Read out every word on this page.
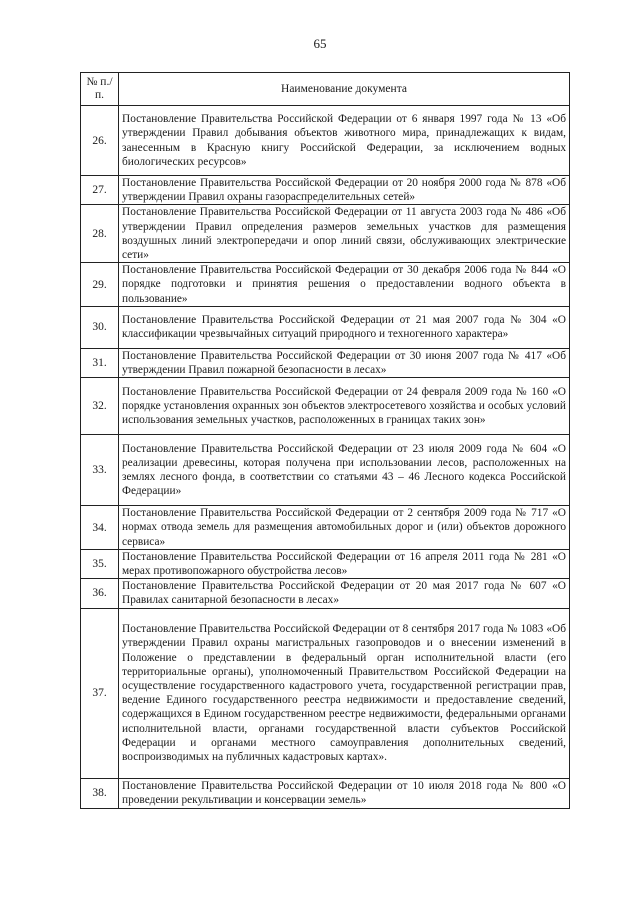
65
№ п./п.	Наименование документа
26.	Постановление Правительства Российской Федерации от 6 января 1997 года № 13 «Об утверждении Правил добывания объектов животного мира, принадлежащих к видам, занесенным в Красную книгу Российской Федерации, за исключением водных биологических ресурсов»
27.	Постановление Правительства Российской Федерации от 20 ноября 2000 года № 878 «Об утверждении Правил охраны газораспределительных сетей»
28.	Постановление Правительства Российской Федерации от 11 августа 2003 года № 486 «Об утверждении Правил определения размеров земельных участков для размещения воздушных линий электропередачи и опор линий связи, обслуживающих электрические сети»
29.	Постановление Правительства Российской Федерации от 30 декабря 2006 года № 844 «О порядке подготовки и принятия решения о предоставлении водного объекта в пользование»
30.	Постановление Правительства Российской Федерации от 21 мая 2007 года № 304 «О классификации чрезвычайных ситуаций природного и техногенного характера»
31.	Постановление Правительства Российской Федерации от 30 июня 2007 года № 417 «Об утверждении Правил пожарной безопасности в лесах»
32.	Постановление Правительства Российской Федерации от 24 февраля 2009 года № 160 «О порядке установления охранных зон объектов электросетевого хозяйства и особых условий использования земельных участков, расположенных в границах таких зон»
33.	Постановление Правительства Российской Федерации от 23 июля 2009 года № 604 «О реализации древесины, которая получена при использовании лесов, расположенных на землях лесного фонда, в соответствии со статьями 43 – 46 Лесного кодекса Российской Федерации»
34.	Постановление Правительства Российской Федерации от 2 сентября 2009 года № 717 «О нормах отвода земель для размещения автомобильных дорог и (или) объектов дорожного сервиса»
35.	Постановление Правительства Российской Федерации от 16 апреля 2011 года № 281 «О мерах противопожарного обустройства лесов»
36.	Постановление Правительства Российской Федерации от 20 мая 2017 года № 607 «О Правилах санитарной безопасности в лесах»
37.	Постановление Правительства Российской Федерации от 8 сентября 2017 года № 1083 «Об утверждении Правил охраны магистральных газопроводов и о внесении изменений в Положение о представлении в федеральный орган исполнительной власти (его территориальные органы), уполномоченный Правительством Российской Федерации на осуществление государственного кадастрового учета, государственной регистрации прав, ведение Единого государственного реестра недвижимости и предоставление сведений, содержащихся в Едином государственном реестре недвижимости, федеральными органами исполнительной власти, органами государственной власти субъектов Российской Федерации и органами местного самоуправления дополнительных сведений, воспроизводимых на публичных кадастровых картах».
38.	Постановление Правительства Российской Федерации от 10 июля 2018 года № 800 «О проведении рекультивации и консервации земель»
